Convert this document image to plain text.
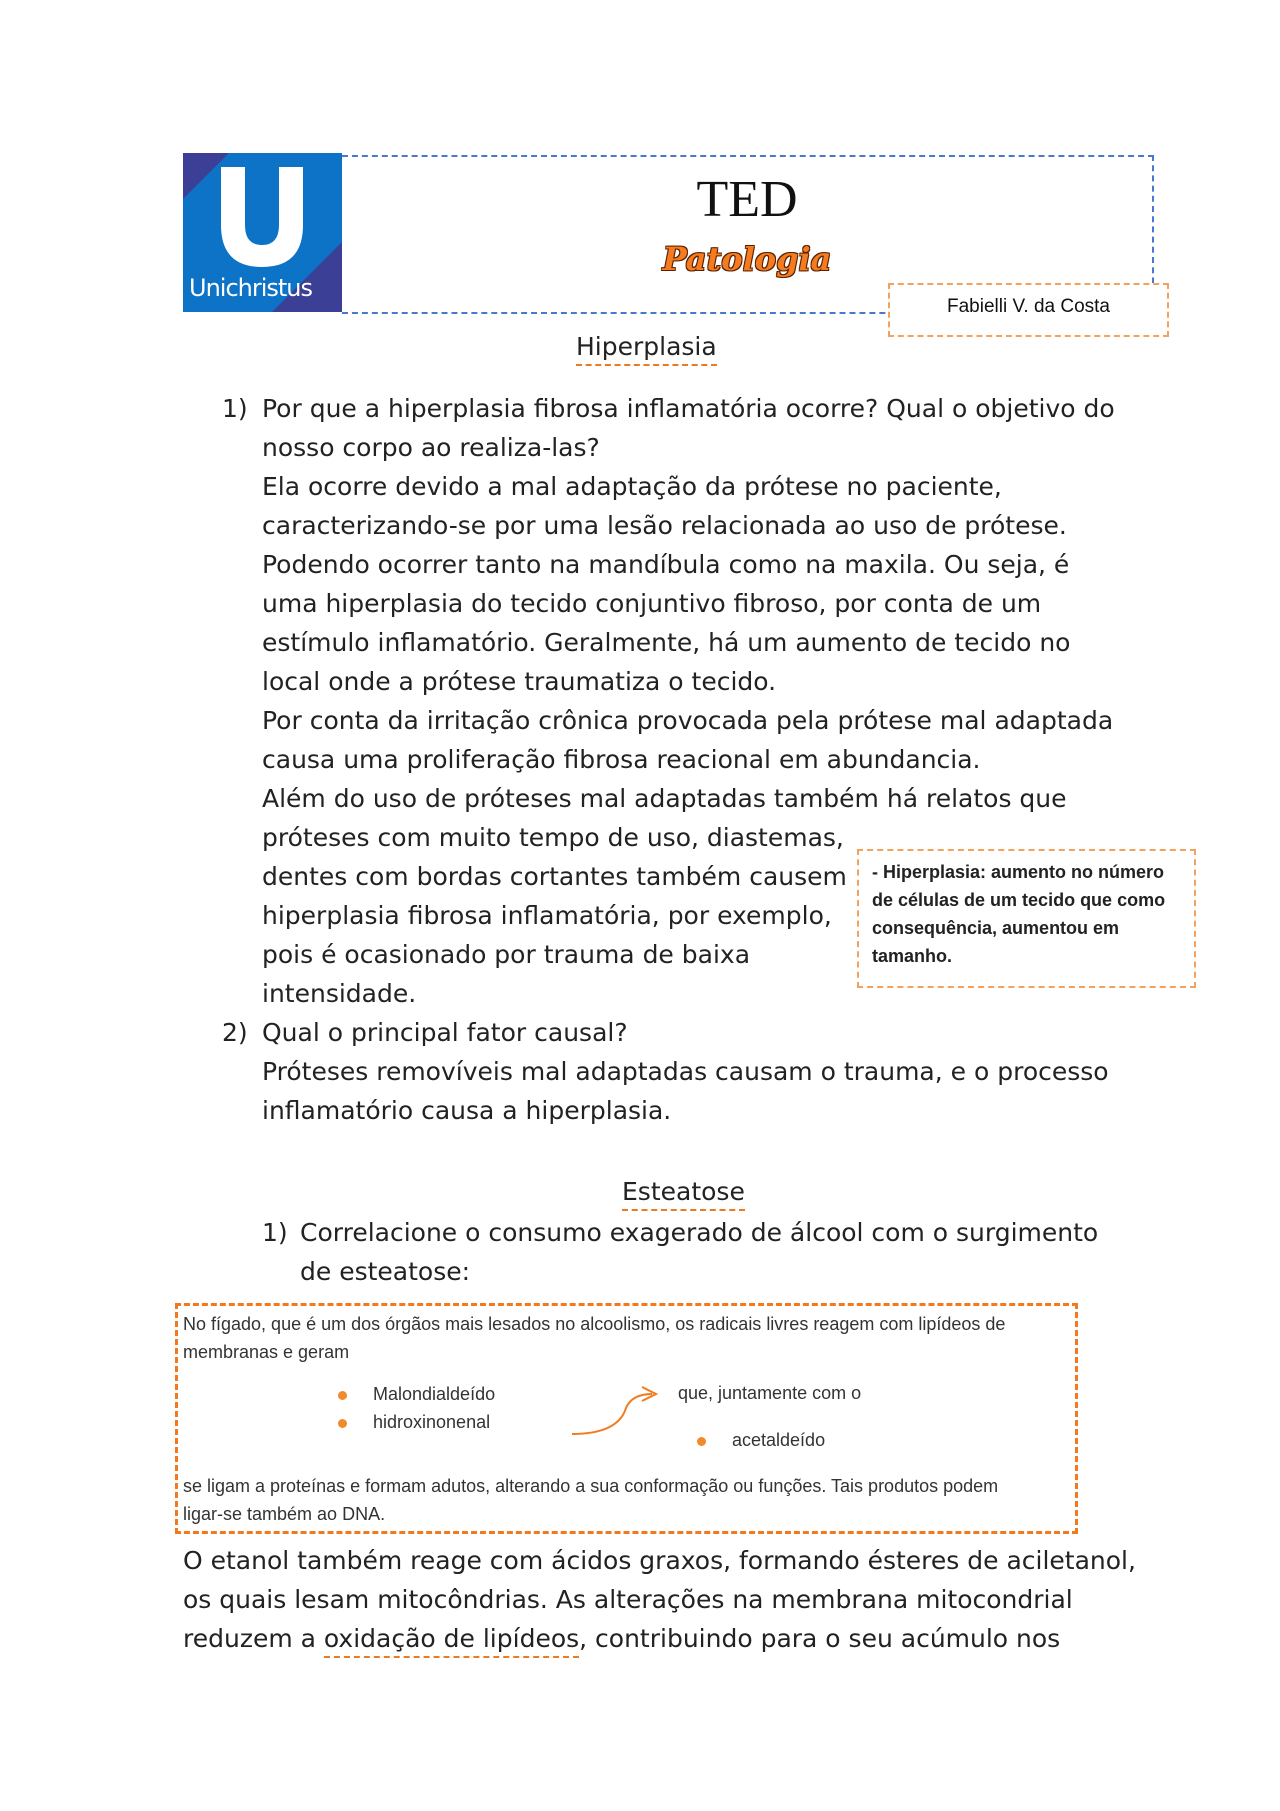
Unichristus
TED
Patologia
Fabielli V. da Costa
Hiperplasia
1) Por que a hiperplasia fibrosa inflamatória ocorre? Qual o objetivo do

nosso corpo ao realiza-las?

Ela ocorre devido a mal adaptação da prótese no paciente,

caracterizando-se por uma lesão relacionada ao uso de prótese.

Podendo ocorrer tanto na mandíbula como na maxila. Ou seja, é

uma hiperplasia do tecido conjuntivo fibroso, por conta de um

estímulo inflamatório. Geralmente, há um aumento de tecido no

local onde a prótese traumatiza o tecido.

Por conta da irritação crônica provocada pela prótese mal adaptada

causa uma proliferação fibrosa reacional em abundancia.

Além do uso de próteses mal adaptadas também há relatos que

próteses com muito tempo de uso, diastemas,

dentes com bordas cortantes também causem

hiperplasia fibrosa inflamatória, por exemplo,

pois é ocasionado por trauma de baixa

intensidade.

- Hiperplasia: aumento no número
de células de um tecido que como
consequência, aumentou em
tamanho.
2) Qual o principal fator causal?

Próteses removíveis mal adaptadas causam o trauma, e o processo

inflamatório causa a hiperplasia.

Esteatose
1) Correlacione o consumo exagerado de álcool com o surgimento

de esteatose:

No fígado, que é um dos órgãos mais lesados no alcoolismo, os radicais livres reagem com lipídeos de
membranas e geram
Malondialdeído
hidroxinonenal
que, juntamente com o
acetaldeído
se ligam a proteínas e formam adutos, alterando a sua conformação ou funções. Tais produtos podem
ligar-se também ao DNA.

O etanol também reage com ácidos graxos, formando ésteres de aciletanol,

os quais lesam mitocôndrias. As alterações na membrana mitocondrial

reduzem a oxidação de lipídeos, contribuindo para o seu acúmulo nos
